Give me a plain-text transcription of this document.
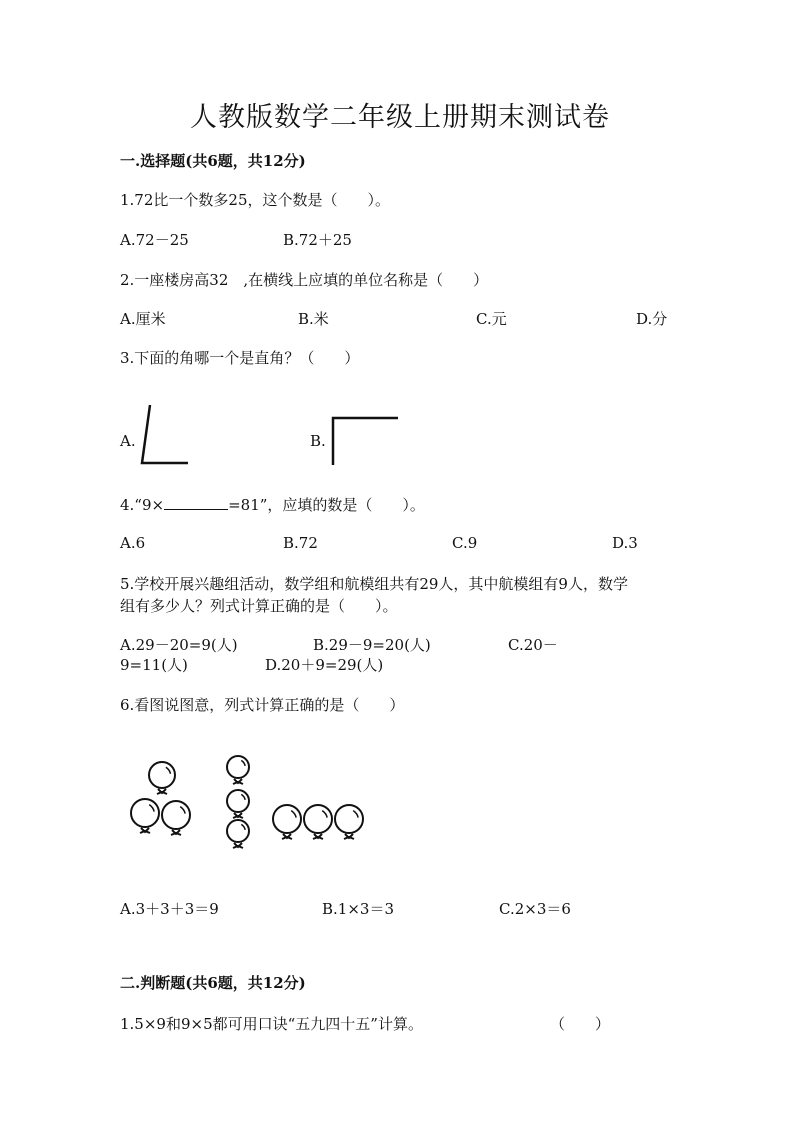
人教版数学二年级上册期末测试卷
一.选择题(共6题，共12分)
1.72比一个数多25，这个数是（　　）。
A.72－25	B.72＋25
2.一座楼房高32　,在横线上应填的单位名称是（　　）
A.厘米	B.米	C.元	D.分
3.下面的角哪一个是直角？（　　）
A.	B.
4.“9×	=81”，应填的数是（　　）。
A.6	B.72	C.9	D.3
5.学校开展兴趣组活动，数学组和航模组共有29人，其中航模组有9人，数学
组有多少人？列式计算正确的是（　　）。
A.29－20=9(人)	B.29－9=20(人)	C.20－
9=11(人)	D.20＋9=29(人)
6.看图说图意，列式计算正确的是（　　）
A.3＋3＋3＝9	B.1×3＝3	C.2×3＝6
二.判断题(共6题，共12分)
1.5×9和9×5都可用口诀“五九四十五”计算。	（　　）
